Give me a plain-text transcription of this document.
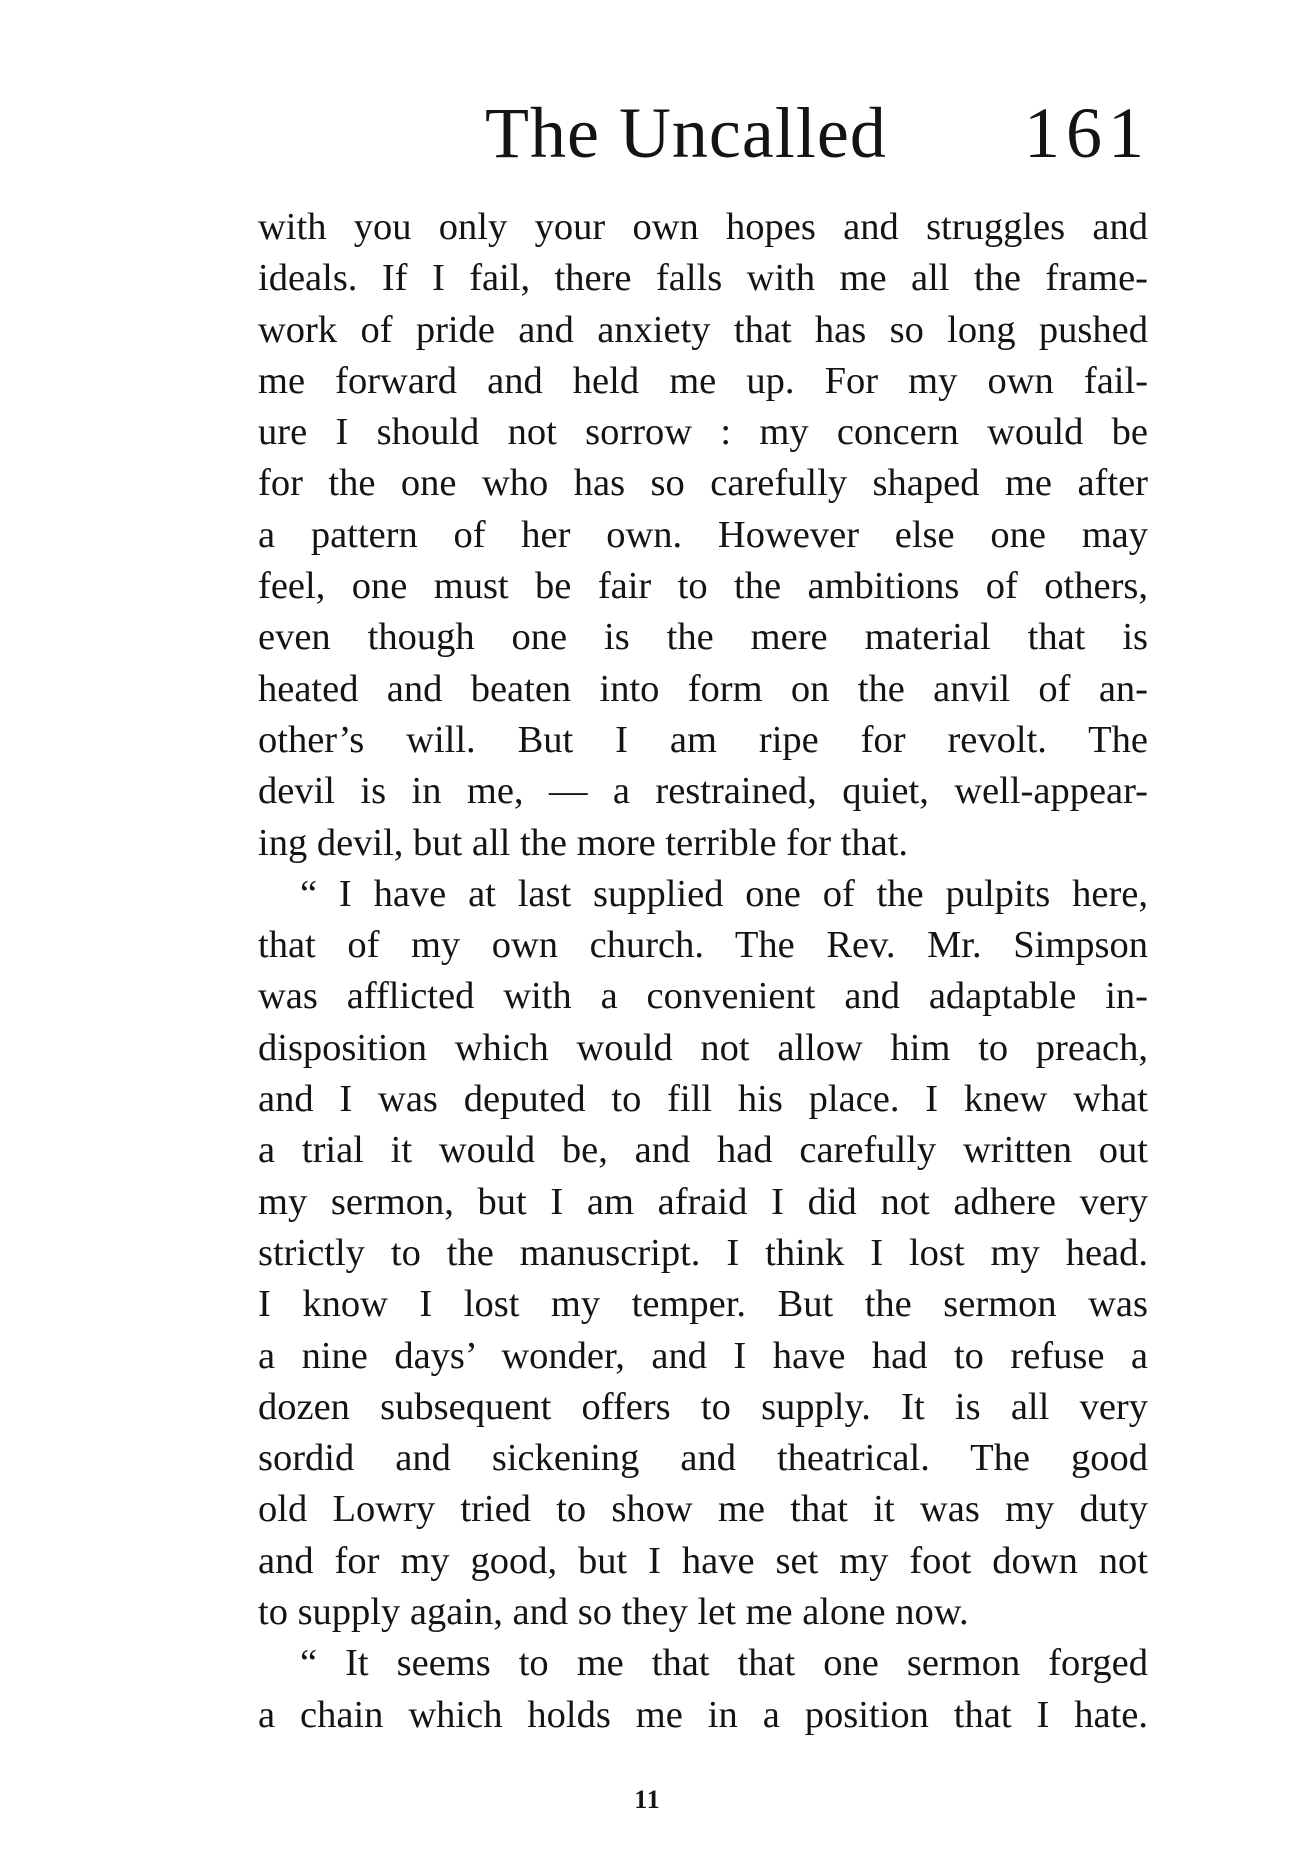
The Uncalled 161
with you only your own hopes and struggles and
ideals. If I fail, there falls with me all the frame-
work of pride and anxiety that has so long pushed
me forward and held me up. For my own fail-
ure I should not sorrow : my concern would be
for the one who has so carefully shaped me after
a pattern of her own. However else one may
feel, one must be fair to the ambitions of others,
even though one is the mere material that is
heated and beaten into form on the anvil of an-
other’s will. But I am ripe for revolt. The
devil is in me, — a restrained, quiet, well-appear-
ing devil, but all the more terrible for that.
“ I have at last supplied one of the pulpits here,
that of my own church. The Rev. Mr. Simpson
was afflicted with a convenient and adaptable in-
disposition which would not allow him to preach,
and I was deputed to fill his place. I knew what
a trial it would be, and had carefully written out
my sermon, but I am afraid I did not adhere very
strictly to the manuscript. I think I lost my head.
I know I lost my temper. But the sermon was
a nine days’ wonder, and I have had to refuse a
dozen subsequent offers to supply. It is all very
sordid and sickening and theatrical. The good
old Lowry tried to show me that it was my duty
and for my good, but I have set my foot down not
to supply again, and so they let me alone now.
“ It seems to me that that one sermon forged
a chain which holds me in a position that I hate.
11
